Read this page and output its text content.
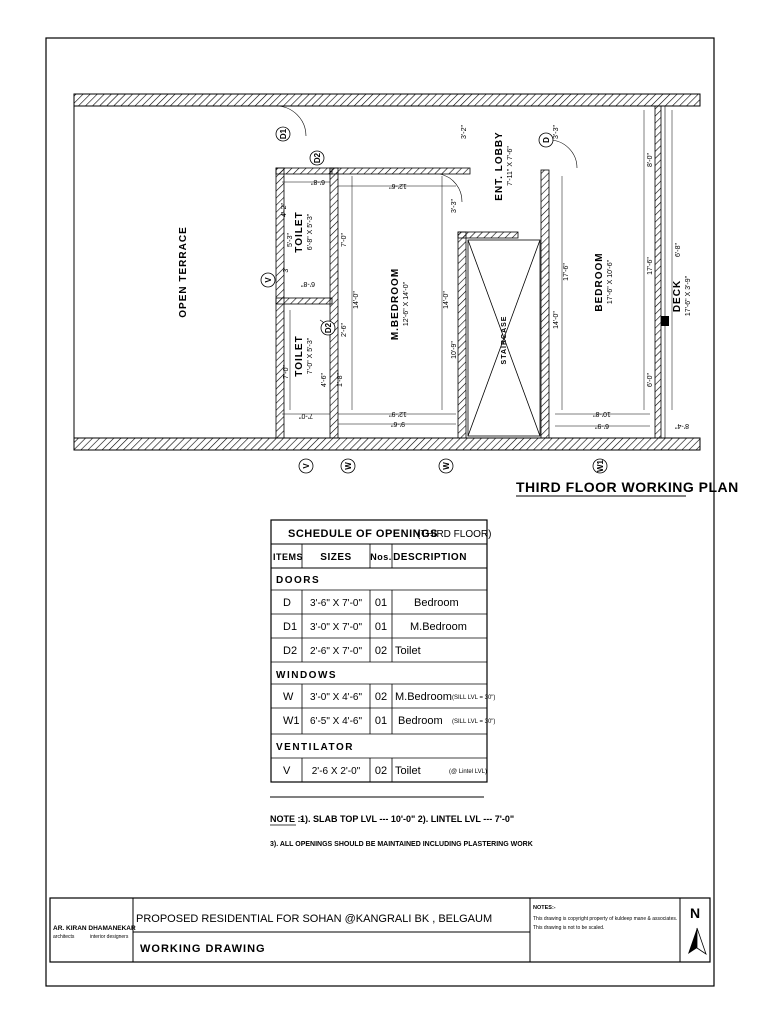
OPEN TERRACE	TOILET 6'-8" X 5'-3"
TOILET 7'-0" X 5'-3"
M.BEDROOM 12'-6" X 14'-0"
ENT. LOBBY 7'-11" X 7'-6"
STAIRCASE
BEDROOM 17'-6" X 10'-6"	DECK 17'-6" X 3'-9"
12'-6"
6'-8"
3'-2"
3'-3"
4'-2"
5'-3"
3'
6'-8"
7'-0"
14'-0"
2'-6"
14'-0"
7'-0"
4'-6" 1'-8"
10'-9"
7'-0"	12'-9"
9'-6"
3'-3"
17'-6"
14'-0"
10'-8"
6'-9"	8'-4"
8'-0"
17'-6"
6'-0"
6'-8"
D1
D2
D2
D
V
V	W	W	W1
THIRD FLOOR WORKING PLAN
SCHEDULE OF OPENINGS
(THIRD FLOOR)
ITEMS SIZES Nos. DESCRIPTION
DOORS
D 3'-6" X 7'-0" 01 Bedroom
D1 3'-0" X 7'-0" 01 M.Bedroom
D2 2'-6" X 7'-0" 02 Toilet
WINDOWS
W 3'-0" X 4'-6" 02 M.Bedroom (SILL LVL = 30")
W1 6'-5" X 4'-6" 01 Bedroom (SILL LVL = 30")
VENTILATOR
V 2'-6 X 2'-0" 02 Toilet	(@ Lintel LVL)
NOTE :-
1). SLAB TOP LVL --- 10'-0" 2). LINTEL LVL --- 7'-0"
3). ALL OPENINGS SHOULD BE MAINTAINED INCLUDING PLASTERING WORK
AR. KIRAN DHAMANEKAR
architects	interior designers
PROPOSED RESIDENTIAL FOR SOHAN @KANGRALI BK , BELGAUM
WORKING DRAWING
NOTES:-
This drawing is copyright property of kuldeep mane & associates.
This drawing is not to be scaled.
N
